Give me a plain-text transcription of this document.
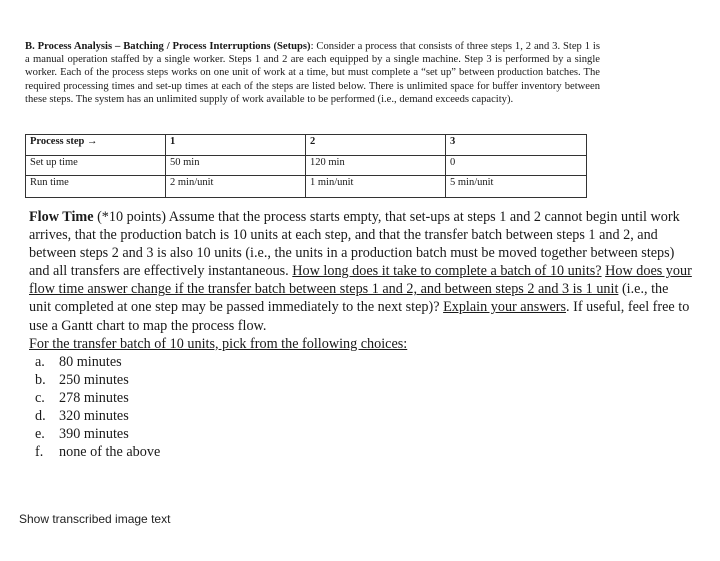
B. Process Analysis – Batching / Process Interruptions (Setups): Consider a process that consists of three steps 1, 2 and 3. Step 1 is a manual operation staffed by a single worker. Steps 1 and 2 are each equipped by a single machine. Step 3 is performed by a single worker. Each of the process steps works on one unit of work at a time, but must complete a “set up” between production batches. The required processing times and set-up times at each of the steps are listed below. There is unlimited space for buffer inventory between these steps. The system has an unlimited supply of work available to be performed (i.e., demand exceeds capacity).
Process step →	1	2	3

Set up time	50 min	120 min	0
Run time	2 min/unit	1 min/unit	5 min/unit

Flow Time (*10 points) Assume that the process starts empty, that set-ups at steps 1 and 2 cannot begin until work arrives, that the production batch is 10 units at each step, and that the transfer batch between steps 1 and 2, and between steps 2 and 3 is also 10 units (i.e., the units in a production batch must be moved together between steps) and all transfers are effectively instantaneous. How long does it take to complete a batch of 10 units? How does your flow time answer change if the transfer batch between steps 1 and 2, and between steps 2 and 3 is 1 unit (i.e., the unit completed at one step may be passed immediately to the next step)? Explain your answers. If useful, feel free to use a Gantt chart to map the process flow.

For the transfer batch of 10 units, pick from the following choices:

a. 80 minutes
b. 250 minutes
c. 278 minutes
d. 320 minutes
e. 390 minutes
f.	none of the above
Show transcribed image text
